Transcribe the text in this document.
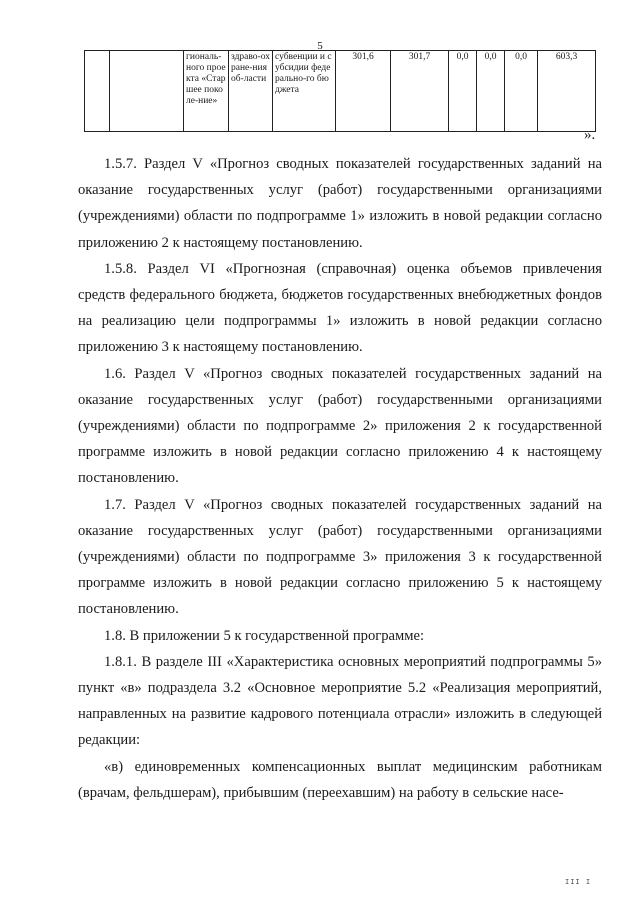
5
		гиональ-ного проекта «Старшее поколе-ние»	здраво-охране-ния об-ласти	субвенции и субсидии федерально-го бюджета	301,6	301,7	0,0	0,0	0,0	603,3
».

1.5.7. Раздел V «Прогноз сводных показателей государственных заданий на оказание государственных услуг (работ) государственными организациями (учреждениями) области по подпрограмме 1» изложить в новой редакции согласно приложению 2 к настоящему постановлению.

1.5.8. Раздел VI «Прогнозная (справочная) оценка объемов привлечения средств федерального бюджета, бюджетов государственных внебюджетных фондов на реализацию цели подпрограммы 1» изложить в новой редакции согласно приложению 3 к настоящему постановлению.

1.6. Раздел V «Прогноз сводных показателей государственных заданий на оказание государственных услуг (работ) государственными организациями (учреждениями) области по подпрограмме 2» приложения 2 к государственной программе изложить в новой редакции согласно приложению 4 к настоящему постановлению.

1.7. Раздел V «Прогноз сводных показателей государственных заданий на оказание государственных услуг (работ) государственными организациями (учреждениями) области по подпрограмме 3» приложения 3 к государственной программе изложить в новой редакции согласно приложению 5 к настоящему постановлению.

1.8. В приложении 5 к государственной программе:

1.8.1. В разделе III «Характеристика основных мероприятий подпрограммы 5» пункт «в» подраздела 3.2 «Основное мероприятие 5.2 «Реализация мероприятий, направленных на развитие кадрового потенциала отрасли» изложить в следующей редакции:

«в) единовременных компенсационных выплат медицинским работникам (врачам, фельдшерам), прибывшим (переехавшим) на работу в сельские насе-

III I
